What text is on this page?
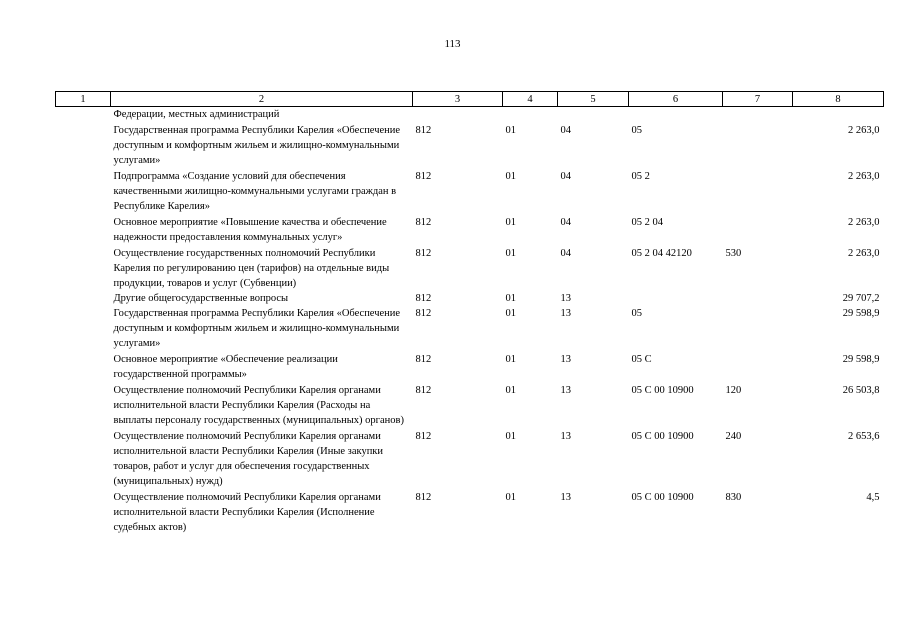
113
1	2	3	4	5	6	7	8
	Федерации, местных администраций						
	Государственная программа Республики Карелия «Обеспечение доступным и комфортным жильем и жилищно-коммунальными услугами»	812	01	04	05		2 263,0
	Подпрограмма «Создание условий для обеспечения качественными жилищно-коммунальными услугами граждан в Республике Карелия»	812	01	04	05 2		2 263,0
	Основное мероприятие «Повышение качества и обеспечение надежности предоставления коммунальных услуг»	812	01	04	05 2 04		2 263,0
	Осуществление государственных полномочий Республики Карелия по регулированию цен (тарифов) на отдельные виды продукции, товаров и услуг (Субвенции)	812	01	04	05 2 04 42120	530	2 263,0
	Другие общегосударственные вопросы	812	01	13			29 707,2
	Государственная программа Республики Карелия «Обеспечение доступным и комфортным жильем и жилищно-коммунальными услугами»	812	01	13	05		29 598,9
	Основное мероприятие «Обеспечение реализации государственной программы»	812	01	13	05 С		29 598,9
	Осуществление полномочий Республики Карелия органами исполнительной власти Республики Карелия (Расходы на выплаты персоналу государственных (муниципальных) органов)	812	01	13	05 С 00 10900	120	26 503,8
	Осуществление полномочий Республики Карелия органами исполнительной власти Республики Карелия (Иные закупки товаров, работ и услуг для обеспечения государственных (муниципальных) нужд)	812	01	13	05 С 00 10900	240	2 653,6
	Осуществление полномочий Республики Карелия органами исполнительной власти Республики Карелия (Исполнение судебных актов)	812	01	13	05 С 00 10900	830	4,5
